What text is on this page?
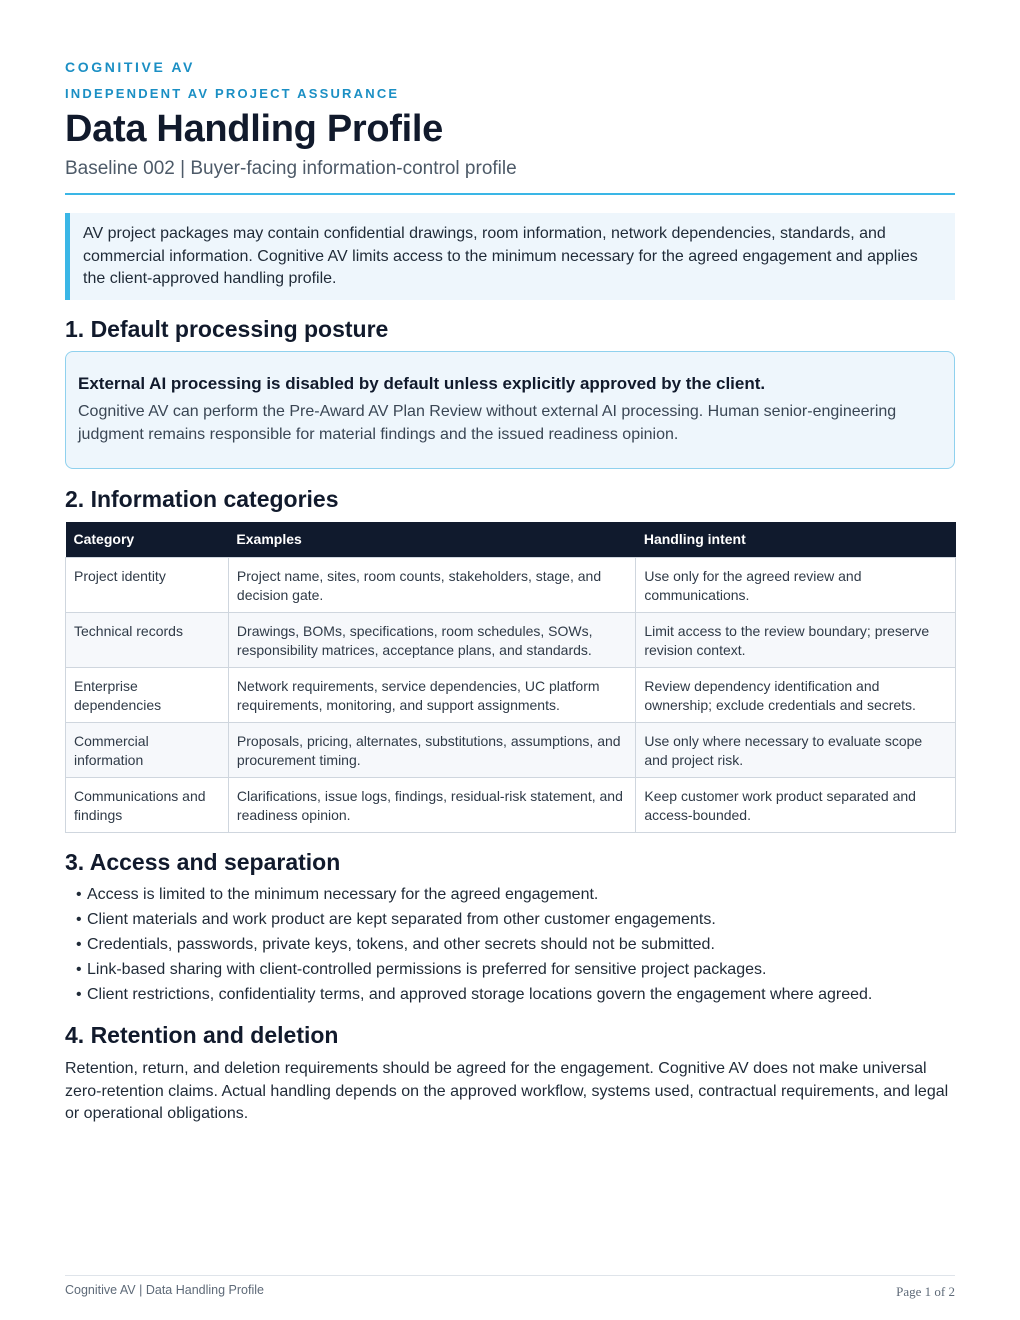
COGNITIVE AV
INDEPENDENT AV PROJECT ASSURANCE
Data Handling Profile
Baseline 002 | Buyer-facing information-control profile
AV project packages may contain confidential drawings, room information, network dependencies, standards, and commercial information. Cognitive AV limits access to the minimum necessary for the agreed engagement and applies the client-approved handling profile.
1. Default processing posture
External AI processing is disabled by default unless explicitly approved by the client.
Cognitive AV can perform the Pre-Award AV Plan Review without external AI processing. Human senior-engineering judgment remains responsible for material findings and the issued readiness opinion.
2. Information categories
Category	Examples	Handling intent
Project identity	Project name, sites, room counts, stakeholders, stage, and decision gate.	Use only for the agreed review and communications.
Technical records	Drawings, BOMs, specifications, room schedules, SOWs, responsibility matrices, acceptance plans, and standards.	Limit access to the review boundary; preserve revision context.
Enterprise dependencies	Network requirements, service dependencies, UC platform requirements, monitoring, and support assignments.	Review dependency identification and ownership; exclude credentials and secrets.
Commercial information	Proposals, pricing, alternates, substitutions, assumptions, and procurement timing.	Use only where necessary to evaluate scope and project risk.
Communications and findings	Clarifications, issue logs, findings, residual-risk statement, and readiness opinion.	Keep customer work product separated and access-bounded.
3. Access and separation
• Access is limited to the minimum necessary for the agreed engagement.
• Client materials and work product are kept separated from other customer engagements.
• Credentials, passwords, private keys, tokens, and other secrets should not be submitted.
• Link-based sharing with client-controlled permissions is preferred for sensitive project packages.
• Client restrictions, confidentiality terms, and approved storage locations govern the engagement where agreed.
4. Retention and deletion
Retention, return, and deletion requirements should be agreed for the engagement. Cognitive AV does not make universal zero-retention claims. Actual handling depends on the approved workflow, systems used, contractual requirements, and legal or operational obligations.
Cognitive AV | Data Handling Profile	Page 1 of 2
